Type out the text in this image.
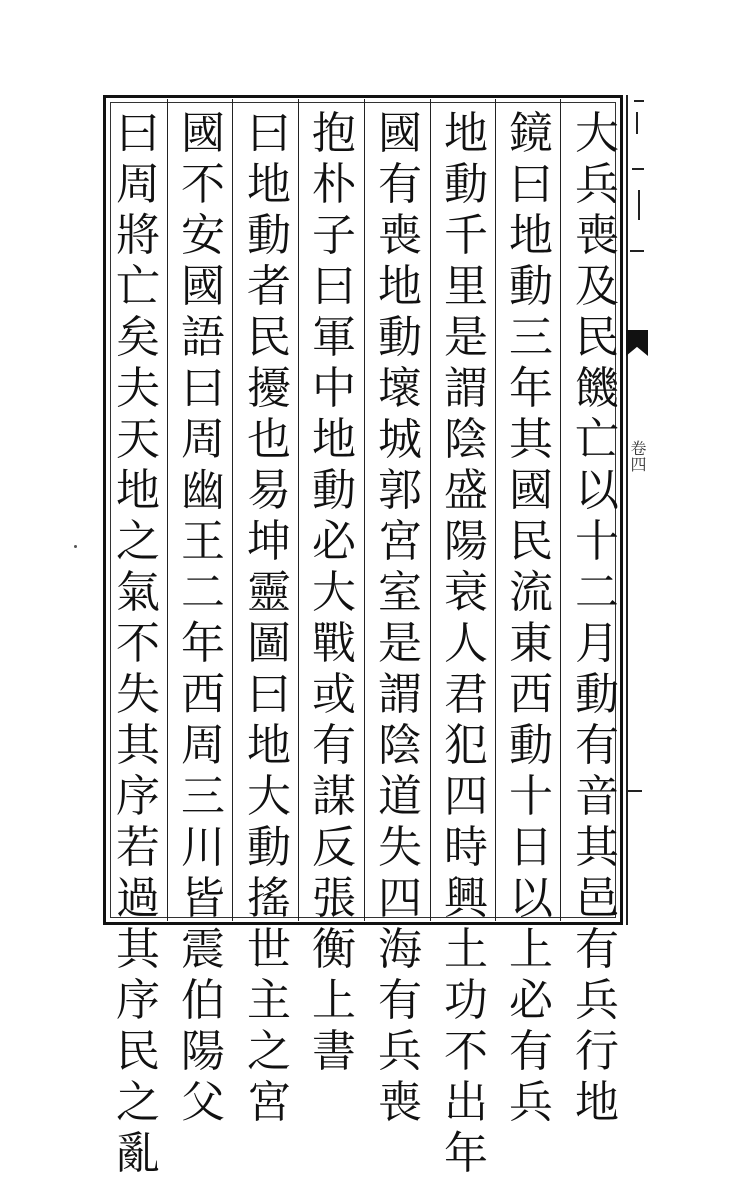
大
兵
喪
及
民
饑
亡
以
十
二
月
動
有
音
其
邑
有
兵
行
地
鏡
曰
地
動
三
年
其
國
民
流
東
西
動
十
日
以
上
必
有
兵
地
動
千
里
是
謂
陰
盛
陽
衰
人
君
犯
四
時
興
土
功
不
出
年
國
有
喪
地
動
壞
城
郭
宮
室
是
謂
陰
道
失
四
海
有
兵
喪
抱
朴
子
曰
軍
中
地
動
必
大
戰
或
有
謀
反
張
衡
上
書
曰
地
動
者
民
擾
也
易
坤
靈
圖
曰
地
大
動
搖
世
主
之
宮
國
不
安
國
語
曰
周
幽
王
二
年
西
周
三
川
皆
震
伯
陽
父
曰
周
將
亡
矣
夫
天
地
之
氣
不
失
其
序
若
過
其
序
民
之
亂
卷四
